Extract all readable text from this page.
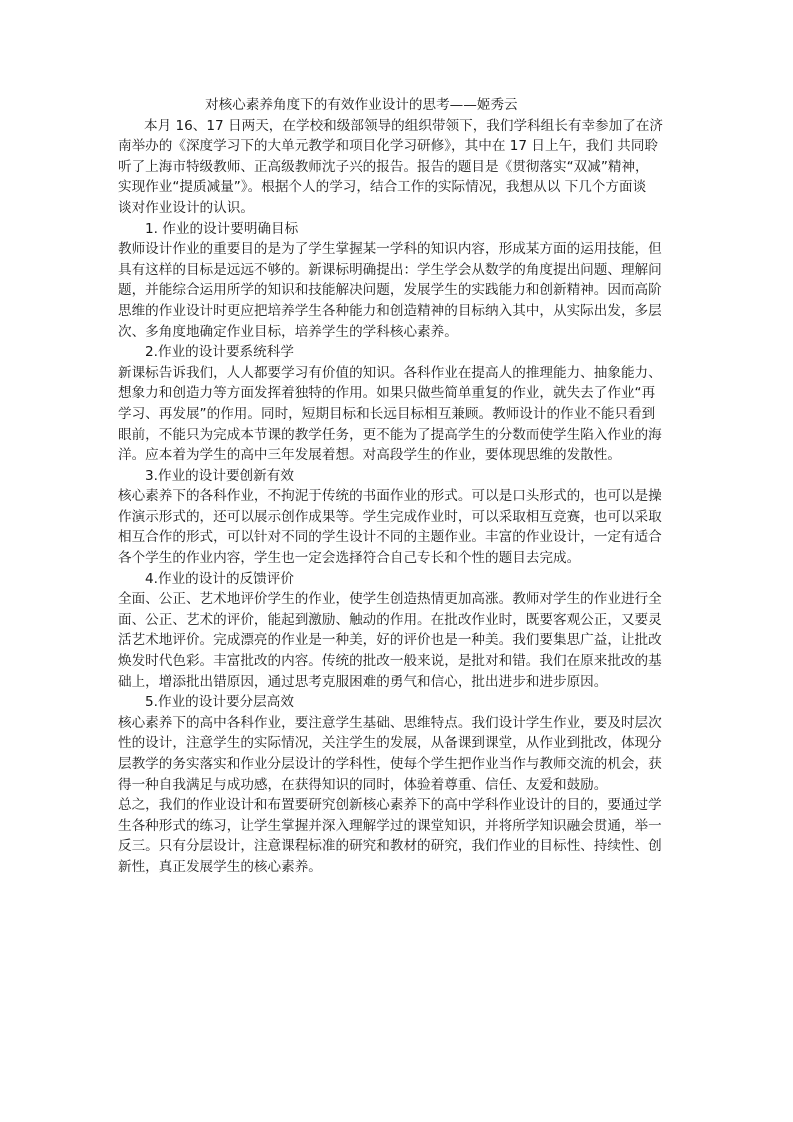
对核心素养角度下的有效作业设计的思考——姬秀云
本月 16、17 日两天，在学校和级部领导的组织带领下，我们学科组长有幸参加了在济
南举办的《深度学习下的大单元教学和项目化学习研修》，其中在 17 日上午，我们 共同聆
听了上海市特级教师、正高级教师沈子兴的报告。报告的题目是《贯彻落实“双减”精神，
实现作业“提质减量”》。根据个人的学习，结合工作的实际情况，我想从以 下几个方面谈
谈对作业设计的认识。
1. 作业的设计要明确目标
教师设计作业的重要目的是为了学生掌握某一学科的知识内容，形成某方面的运用技能，但
具有这样的目标是远远不够的。新课标明确提出：学生学会从数学的角度提出问题、理解问
题，并能综合运用所学的知识和技能解决问题，发展学生的实践能力和创新精神。因而高阶
思维的作业设计时更应把培养学生各种能力和创造精神的目标纳入其中，从实际出发，多层
次、多角度地确定作业目标，培养学生的学科核心素养。
2.作业的设计要系统科学
新课标告诉我们，人人都要学习有价值的知识。各科作业在提高人的推理能力、抽象能力、
想象力和创造力等方面发挥着独特的作用。如果只做些简单重复的作业，就失去了作业“再
学习、再发展”的作用。同时，短期目标和长远目标相互兼顾。教师设计的作业不能只看到
眼前，不能只为完成本节课的教学任务，更不能为了提高学生的分数而使学生陷入作业的海
洋。应本着为学生的高中三年发展着想。对高段学生的作业，要体现思维的发散性。
3.作业的设计要创新有效
核心素养下的各科作业，不拘泥于传统的书面作业的形式。可以是口头形式的，也可以是操
作演示形式的，还可以展示创作成果等。学生完成作业时，可以采取相互竞赛，也可以采取
相互合作的形式，可以针对不同的学生设计不同的主题作业。丰富的作业设计，一定有适合
各个学生的作业内容，学生也一定会选择符合自己专长和个性的题目去完成。
4.作业的设计的反馈评价
全面、公正、艺术地评价学生的作业，使学生创造热情更加高涨。教师对学生的作业进行全
面、公正、艺术的评价，能起到激励、触动的作用。在批改作业时，既要客观公正，又要灵
活艺术地评价。完成漂亮的作业是一种美，好的评价也是一种美。我们要集思广益，让批改
焕发时代色彩。丰富批改的内容。传统的批改一般来说，是批对和错。我们在原来批改的基
础上，增添批出错原因，通过思考克服困难的勇气和信心，批出进步和进步原因。
5.作业的设计要分层高效
核心素养下的高中各科作业，要注意学生基础、思维特点。我们设计学生作业，要及时层次
性的设计，注意学生的实际情况，关注学生的发展，从备课到课堂，从作业到批改，体现分
层教学的务实落实和作业分层设计的学科性，使每个学生把作业当作与教师交流的机会，获
得一种自我满足与成功感，在获得知识的同时，体验着尊重、信任、友爱和鼓励。
总之，我们的作业设计和布置要研究创新核心素养下的高中学科作业设计的目的，要通过学
生各种形式的练习，让学生掌握并深入理解学过的课堂知识，并将所学知识融会贯通，举一
反三。只有分层设计，注意课程标准的研究和教材的研究，我们作业的目标性、持续性、创
新性，真正发展学生的核心素养。
